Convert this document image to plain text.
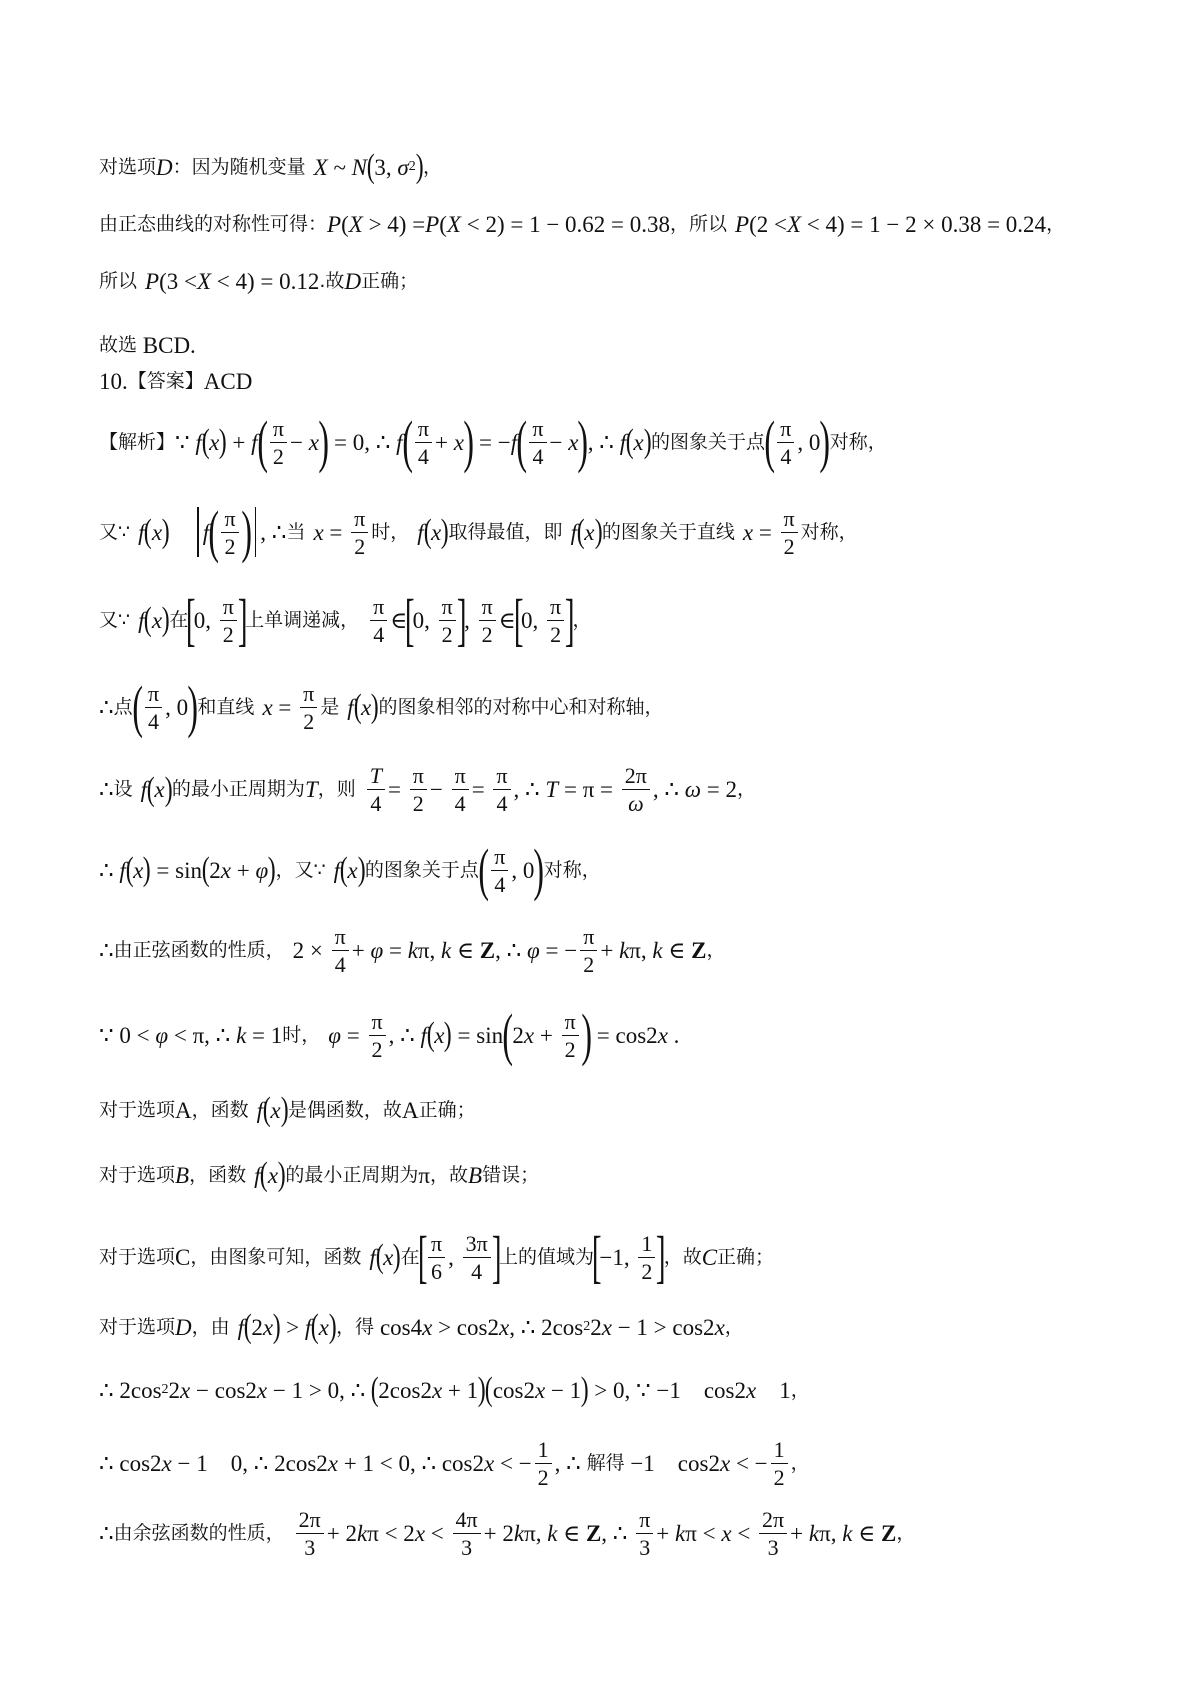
对选项 D ：因为随机变量 X ~ N ( 3, σ 2 ) ，
由正态曲线的对称性可得： P ( X > 4) = P ( X < 2) = 1 − 0.62 = 0.38 ，所以 P (2 < X < 4) = 1 − 2 × 0.38 = 0.24 ，
所以 P (3 < X < 4) = 0.12 .故 D 正确；
故选 BCD.
10. 【答案】 ACD
【解析】 ∵ f ( x ) + f ( $\frac{\pi}{2} - x$ ) = 0, ∴ f ( $\frac{\pi}{4} + x$ ) = − f ( $\frac{\pi}{4} - x$ ) , ∴ f ( x ) 的图象关于点 ( $\frac{\pi}{4}$ , 0 ) 对称，
又∵ f ( x ) f ( $\frac{\pi}{2}$ ) , ∴ 当 $x = \frac{\pi}{2}$ 时， f ( x ) 取得最值，即 f ( x ) 的图象关于直线 $x = \frac{\pi}{2}$ 对称，
又∵ f ( x ) 在
[
0, $\frac{\pi}{2}$ ]
上单调递减， $\frac{\pi}{4}$ ∈
[
0, $\frac{\pi}{2}$ ]
, $\frac{\pi}{2}$ ∈
[
0, $\frac{\pi}{2}$ ]
，
∴ 点 ( $\frac{\pi}{4}$ , 0 ) 和直线 $x = \frac{\pi}{2}$ 是 f ( x ) 的图象相邻的对称中心和对称轴，
∴ 设 f ( x ) 的最小正周期为 T ，则 $\frac{T}{4} = \frac{\pi}{2} - \frac{\pi}{4} = \frac{\pi}{4}$ , ∴ $T = \pi = \frac{2\pi}{\omega}$ , ∴ ω = 2 ，
∴ f ( x ) = sin ( 2 x + φ ) ，又∵ f ( x ) 的图象关于点 ( $\frac{\pi}{4}$ , 0 ) 对称，
∴ 由正弦函数的性质， $2 \times \frac{\pi}{4} + \varphi = k$ π, k ∈ Z , ∴ φ = − $\frac{\pi}{2} + k$ π, k ∈ Z ，
∵ 0 < φ < π, ∴ k = 1 时， $\varphi = \frac{\pi}{2}$ , ∴ f ( x ) = sin ( 2 $x + \frac{\pi}{2}$ ) = cos2 x .
对于选项 A ，函数 f ( x ) 是偶函数，故 A 正确；
对于选项 B ，函数 f ( x ) 的最小正周期为 π ，故 B 错误；
对于选项 C ，由图象可知，函数 f ( x ) 在
[ $\frac{\pi}{6}$ , $\frac{3\pi}{4}$ ]
上的值域为
[
−1, $\frac{1}{2}$ ]
，故 C 正确；
对于选项 D ，由 f ( 2 x ) > f ( x ) ，得 cos4 x > cos2 x , ∴ 2cos 2 2 x − 1 > cos2 x ，
∴ 2cos 2 2 x − cos2 x − 1 > 0, ∴ ( 2cos2 x + 1 ) ( cos2 x − 1 ) > 0, ∵ −1    cos2 x 1 ，
∴ cos2 x − 1    0, ∴ 2cos2 x + 1 < 0, ∴ cos2 x < − $\frac{1}{2}$ , ∴ 解得 −1    cos2 x < − $\frac{1}{2}$ ，
∴ 由余弦函数的性质， $\frac{2\pi}{3} + 2$ k π < 2 $x < \frac{4\pi}{3} + 2$ k π, k ∈ Z , ∴ $\frac{\pi}{3} + k$ $\pi < x < \frac{2\pi}{3} + k$ π, k ∈ Z ，
